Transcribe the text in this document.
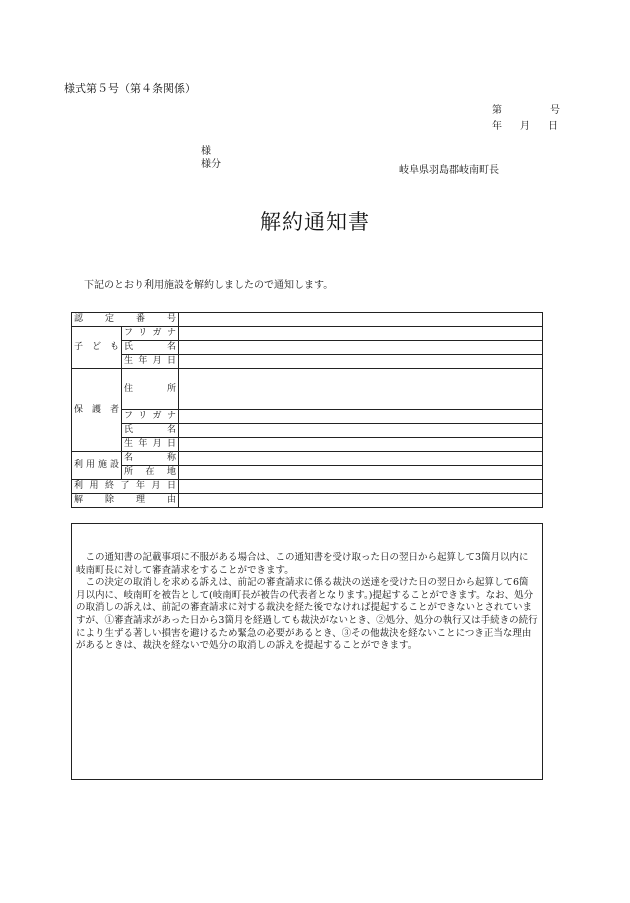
様式第５号（第４条関係）
第	号
年 月 日
様
様分
岐阜県羽島郡岐南町長
解約通知書
下記のとおり利用施設を解約しましたので通知します。
認定番号		
子ども	フリガナ	
	氏名	
	生年月日	
保護者	住所	
	フリガナ	
	氏名	
	生年月日	
利用施設	名称	
	所在地	
利用終了年月日		
解除理由		

この通知書の記載事項に不服がある場合は、この通知書を受け取った日の翌日から起算して3箇月以内に岐南町長に対して審査請求をすることができます。

この決定の取消しを求める訴えは、前記の審査請求に係る裁決の送達を受けた日の翌日から起算して6箇月以内に、岐南町を被告として(岐南町長が被告の代表者となります。)提起することができます。なお、処分の取消しの訴えは、前記の審査請求に対する裁決を経た後でなければ提起することができないとされていますが、①審査請求があった日から3箇月を経過しても裁決がないとき、②処分、処分の執行又は手続きの続行により生ずる著しい損害を避けるため緊急の必要があるとき、③その他裁決を経ないことにつき正当な理由があるときは、裁決を経ないで処分の取消しの訴えを提起することができます。
